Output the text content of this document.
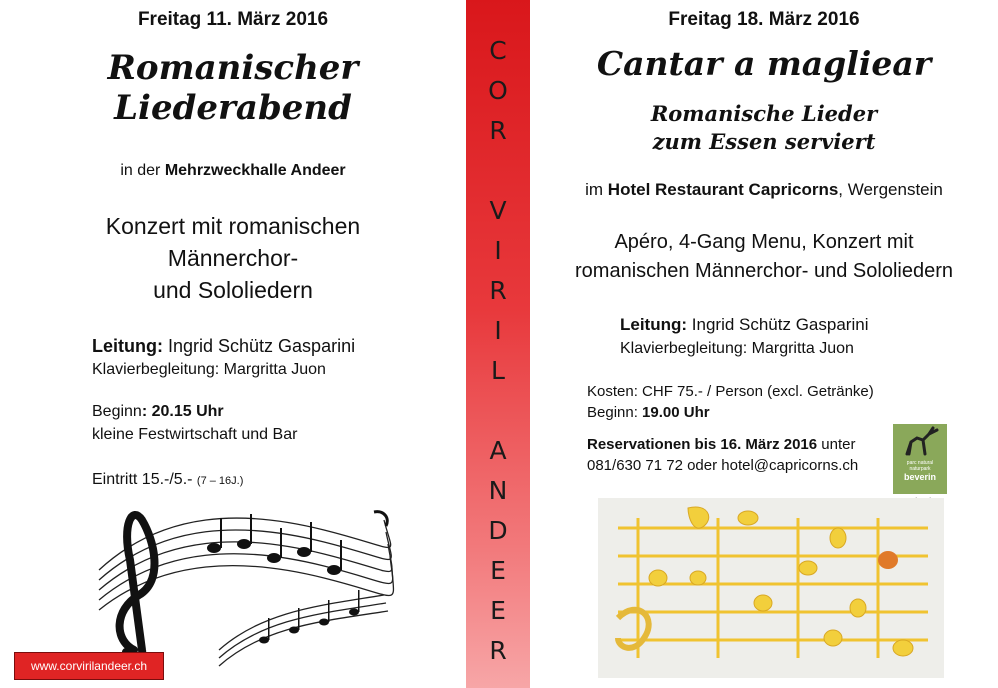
Freitag 11. März 2016
Romanischer
Liederabend
in der Mehrzweckhalle Andeer
Konzert mit romanischen
Männerchor-
und Sololiedern
Leitung: Ingrid Schütz Gasparini
Klavierbegleitung: Margritta Juon
Beginn: 20.15 Uhr
kleine Festwirtschaft und Bar
Eintritt 15.-/5.- (7 – 16J.)
www.corvirilandeer.ch
C
O
R
V
I
R
I
L
A
N
D
E
E
R
Freitag 18. März 2016
Cantar a magliear
Romanische Lieder
zum Essen serviert
im Hotel Restaurant Capricorns, Wergenstein
Apéro, 4-Gang Menu, Konzert mit
romanischen Männerchor- und Sololiedern
Leitung: Ingrid Schütz Gasparini
Klavierbegleitung: Margritta Juon
Kosten: CHF 75.- / Person (excl. Getränke)
Beginn: 19.00 Uhr
Reservationen bis 16. März 2016 unter
081/630 71 72 oder hotel@capricorns.ch	parc natural
naturpark
beverin
